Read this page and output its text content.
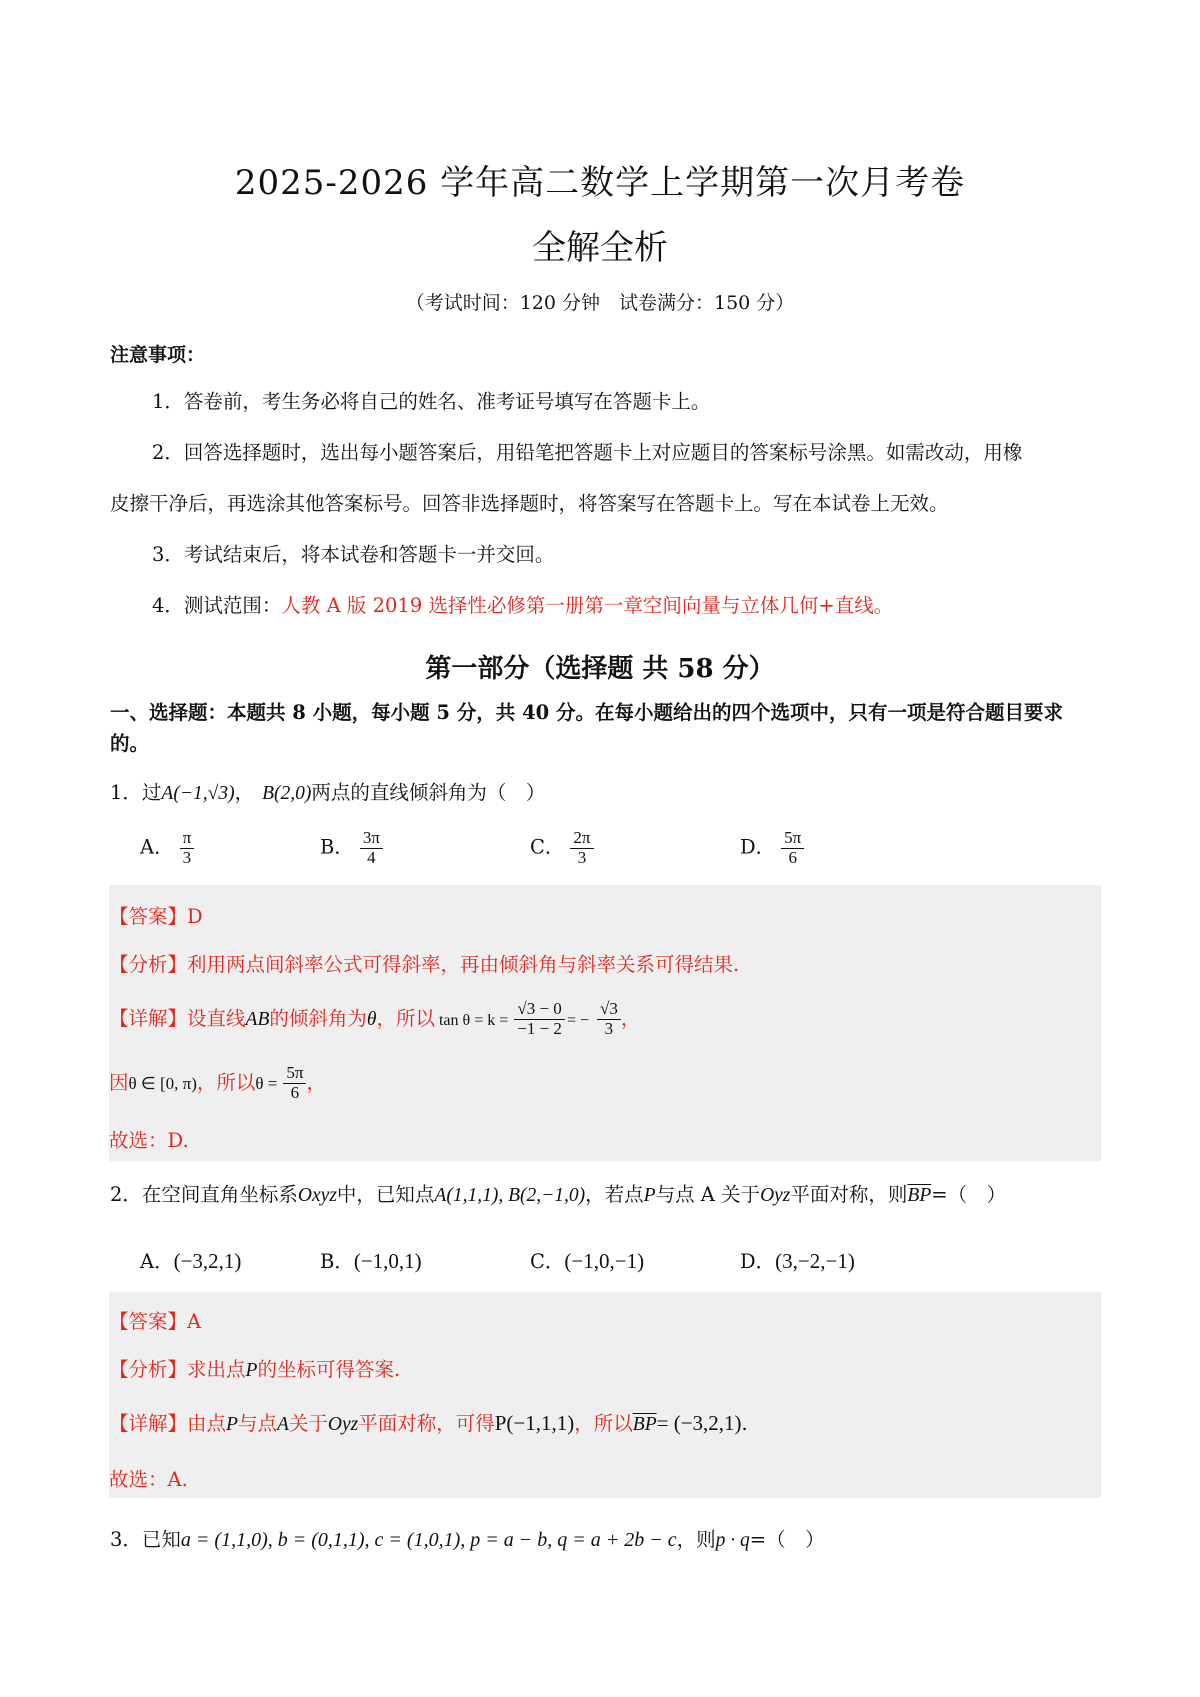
2025-2026 学年高二数学上学期第一次月考卷
全解全析
（考试时间：120 分钟　试卷满分：150 分）
注意事项：
1．答卷前，考生务必将自己的姓名、准考证号填写在答题卡上。
2．回答选择题时，选出每小题答案后，用铅笔把答题卡上对应题目的答案标号涂黑。如需改动，用橡
皮擦干净后，再选涂其他答案标号。回答非选择题时，将答案写在答题卡上。写在本试卷上无效。
3．考试结束后，将本试卷和答题卡一并交回。
4．测试范围：人教 A 版 2019 选择性必修第一册第一章空间向量与立体几何+直线。
第一部分（选择题 共 58 分）
一、选择题：本题共 8 小题，每小题 5 分，共 40 分。在每小题给出的四个选项中，只有一项是符合题目要求的。
1．过A(−1,√3)， B(2,0)两点的直线倾斜角为（　）
A． $\frac{\pi}{3}$	B． $\frac{3\pi}{4}$	C． $\frac{2\pi}{3}$	D． $\frac{5\pi}{6}$
【答案】D
【分析】利用两点间斜率公式可得斜率，再由倾斜角与斜率关系可得结果.
【详解】设直线AB的倾斜角为θ，所以 $\tan \theta = k = \frac{√3 - 0}{-1 - 2}$ = − $\frac{√3}{3}$ ，
因θ ∈ [0, π)，所以$\theta = \frac{5\pi}{6}$ ，
故选：D.
2．在空间直角坐标系Oxyz中，已知点A(1,1,1), B(2,−1,0)，若点P与点 A 关于Oyz平面对称，则$\overline{BP}=$（　）
A．(−3,2,1)	B．(−1,0,1)	C．(−1,0,−1)	D．(3,−2,−1)
【答案】A
【分析】求出点P的坐标可得答案.
【详解】由点P与点A关于Oyz平面对称，可得P(−1,1,1)，所以$\overline{BP}= (-3,2,1)$.
故选：A.
3．已知a = (1,1,0), b = (0,1,1), c = (1,0,1), p = a − b, q = a + 2b − c，则p · q=（　）
